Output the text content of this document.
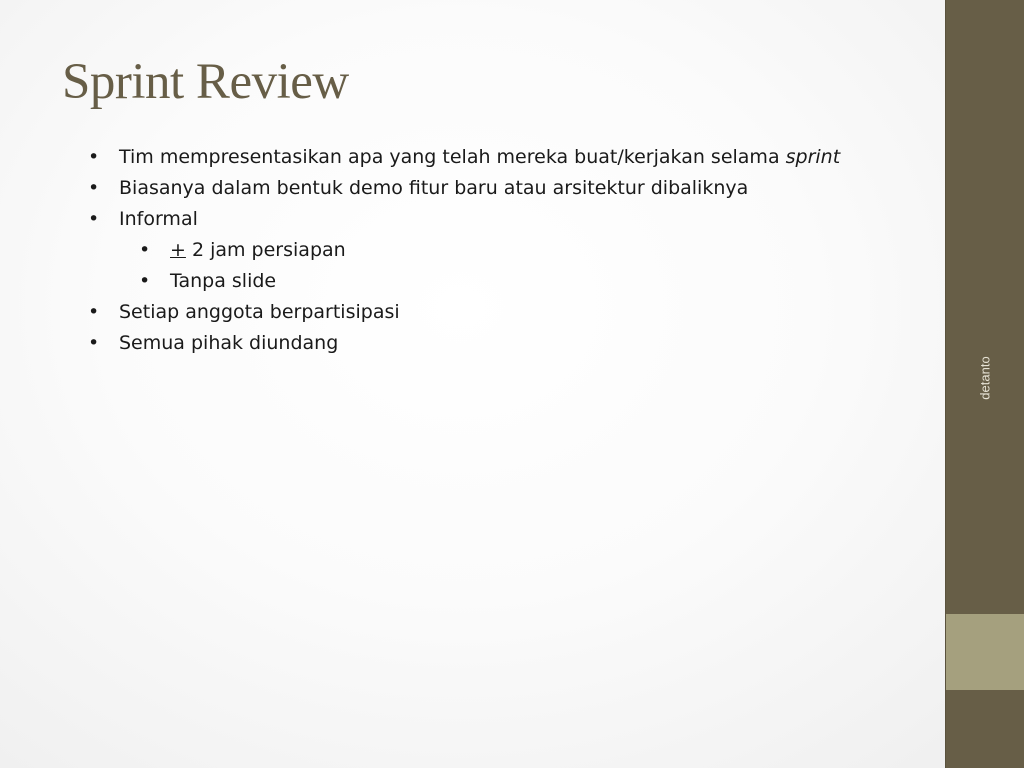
Sprint Review
• Tim mempresentasikan apa yang telah mereka buat/kerjakan selama sprint
• Biasanya dalam bentuk demo fitur baru atau arsitektur dibaliknya
• Informal
• + 2 jam persiapan
• Tanpa slide
• Setiap anggota berpartisipasi
• Semua pihak diundang
detanto
